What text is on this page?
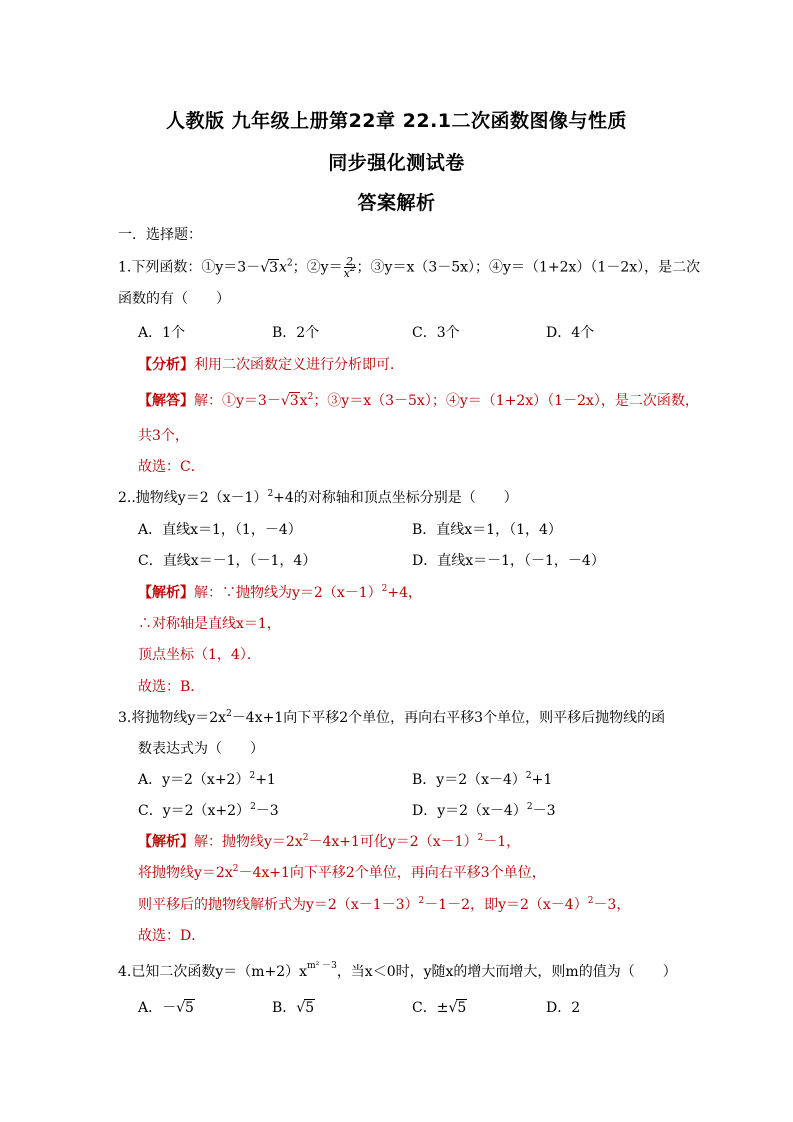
人教版 九年级上册第22章 22.1二次函数图像与性质
同步强化测试卷
答案解析
一．选择题：
1.下列函数：$①y=3-√3x^2$；②y＝ $\frac{2}{x^2}$ ；③y＝x（3－5x）；④y＝（1+2x）（1－2x），是二次
函数的有（　　）
A．1个	B．2个	C．3个	D．4个
【分析】利用二次函数定义进行分析即可．
【解答】解：$①y=3-√3x^2$；③y＝x（3－5x）；④y＝（1+2x）（1－2x），是二次函数，
共3个，
故选：C．
2..抛物线$y=2(x-1)^2+4$的对称轴和顶点坐标分别是（　　）
A．直线x＝1，（1，－4）	B．直线x＝1，（1，4）
C．直线x＝－1，（－1，4）	D．直线x＝－1，（－1，－4）
【解析】解：∵抛物线为$y=2(x-1)^2+4$，
∴对称轴是直线x＝1，
顶点坐标（1，4）．
故选：B．
3.将抛物线$y=2x^2-4x+1$向下平移2个单位，再向右平移3个单位，则平移后抛物线的函
数表达式为（　　）
A．$y=2(x+2)^2+1$	B．$y=2(x-4)^2+1$
C．$y=2(x+2)^2-3$	D．$y=2(x-4)^2-3$
【解析】解：抛物线$y=2x^2-4x+1$可化$y=2(x-1)^2-1$，
将抛物线$y=2x^2-4x+1$向下平移2个单位，再向右平移3个单位，
则平移后的抛物线解析式为$y=2(x-1-3)^2-1-2$，即$y=2(x-4)^2-3$，
故选：D．
4.已知二次函数$y=(m+2)x^{m^2 -3}$，当x＜0时，y随x的增大而增大，则m的值为（　　）
A．－√5	B．√5	C．±√5	D．2
